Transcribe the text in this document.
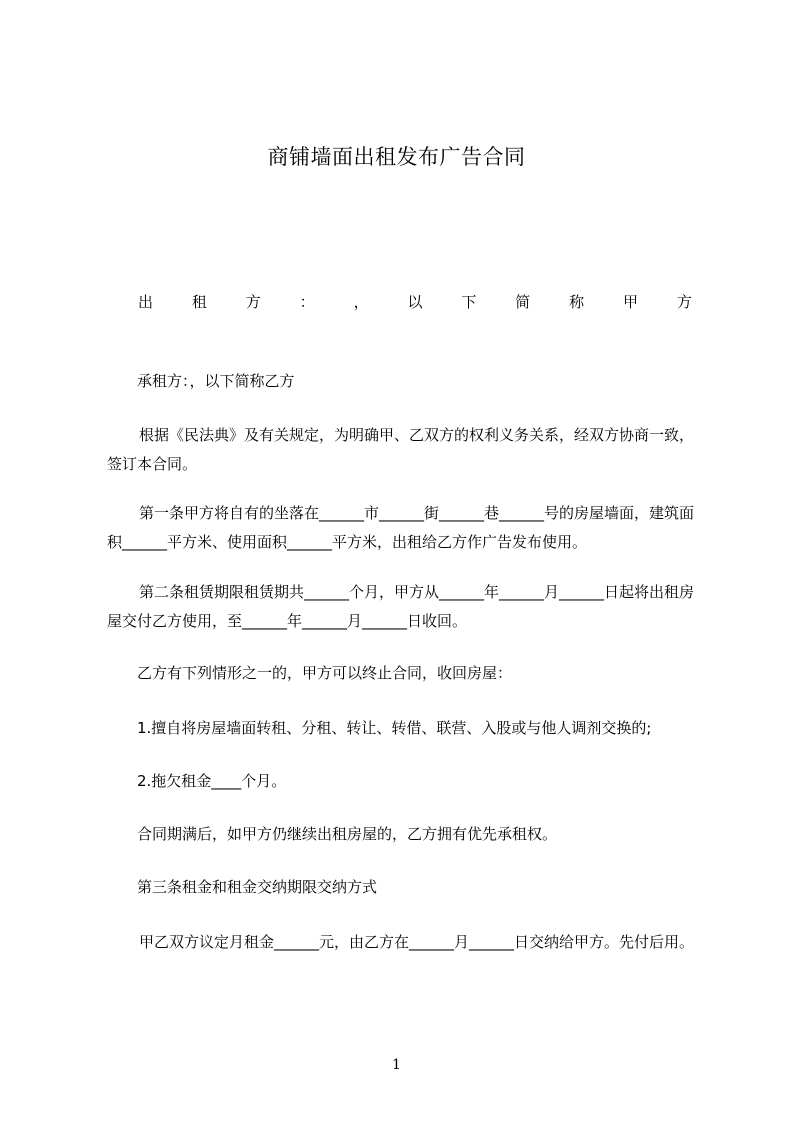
商铺墙面出租发布广告合同
出	租	方	：	，	以	下	简	称	甲	方

承租方：，以下简称乙方

根据《民法典》及有关规定，为明确甲、乙双方的权利义务关系，经双方协商一致，签订本合同。

第一条甲方将自有的坐落在______市______街______巷______号的房屋墙面，建筑面积______平方米、使用面积______平方米，出租给乙方作广告发布使用。

第二条租赁期限租赁期共______个月，甲方从______年______月______日起将出租房屋交付乙方使用，至______年______月______日收回。

乙方有下列情形之一的，甲方可以终止合同，收回房屋：

1.擅自将房屋墙面转租、分租、转让、转借、联营、入股或与他人调剂交换的;

2.拖欠租金____个月。

合同期满后，如甲方仍继续出租房屋的，乙方拥有优先承租权。

第三条租金和租金交纳期限交纳方式

甲乙双方议定月租金______元，由乙方在______月______日交纳给甲方。先付后用。

1
